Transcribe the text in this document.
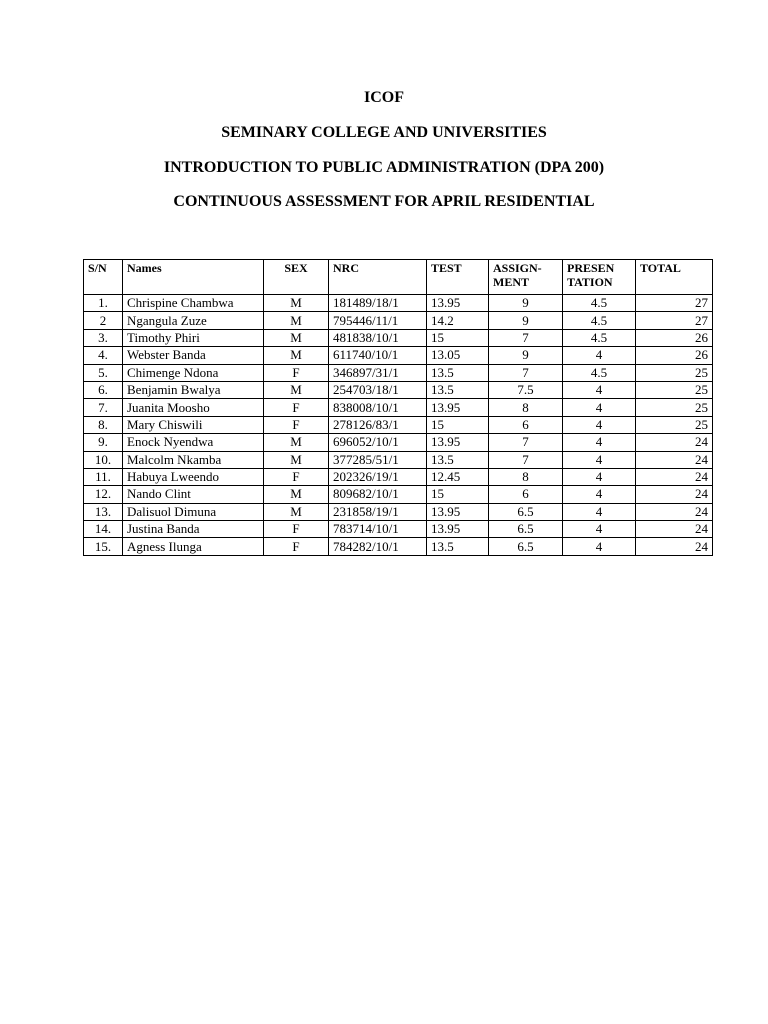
ICOF
SEMINARY COLLEGE AND UNIVERSITIES
INTRODUCTION TO PUBLIC ADMINISTRATION (DPA 200)
CONTINUOUS ASSESSMENT FOR APRIL RESIDENTIAL
S/N	Names	SEX	NRC	TEST	ASSIGN-MENT	PRESEN TATION	TOTAL
1.	Chrispine Chambwa	M	181489/18/1	13.95	9	4.5	27
2	Ngangula Zuze	M	795446/11/1	14.2	9	4.5	27
3.	Timothy Phiri	M	481838/10/1	15	7	4.5	26
4.	Webster Banda	M	611740/10/1	13.05	9	4	26
5.	Chimenge Ndona	F	346897/31/1	13.5	7	4.5	25
6.	Benjamin Bwalya	M	254703/18/1	13.5	7.5	4	25
7.	Juanita Moosho	F	838008/10/1	13.95	8	4	25
8.	Mary Chiswili	F	278126/83/1	15	6	4	25
9.	Enock Nyendwa	M	696052/10/1	13.95	7	4	24
10.	Malcolm Nkamba	M	377285/51/1	13.5	7	4	24
11.	Habuya Lweendo	F	202326/19/1	12.45	8	4	24
12.	Nando Clint	M	809682/10/1	15	6	4	24
13.	Dalisuol Dimuna	M	231858/19/1	13.95	6.5	4	24
14.	Justina Banda	F	783714/10/1	13.95	6.5	4	24
15.	Agness Ilunga	F	784282/10/1	13.5	6.5	4	24
